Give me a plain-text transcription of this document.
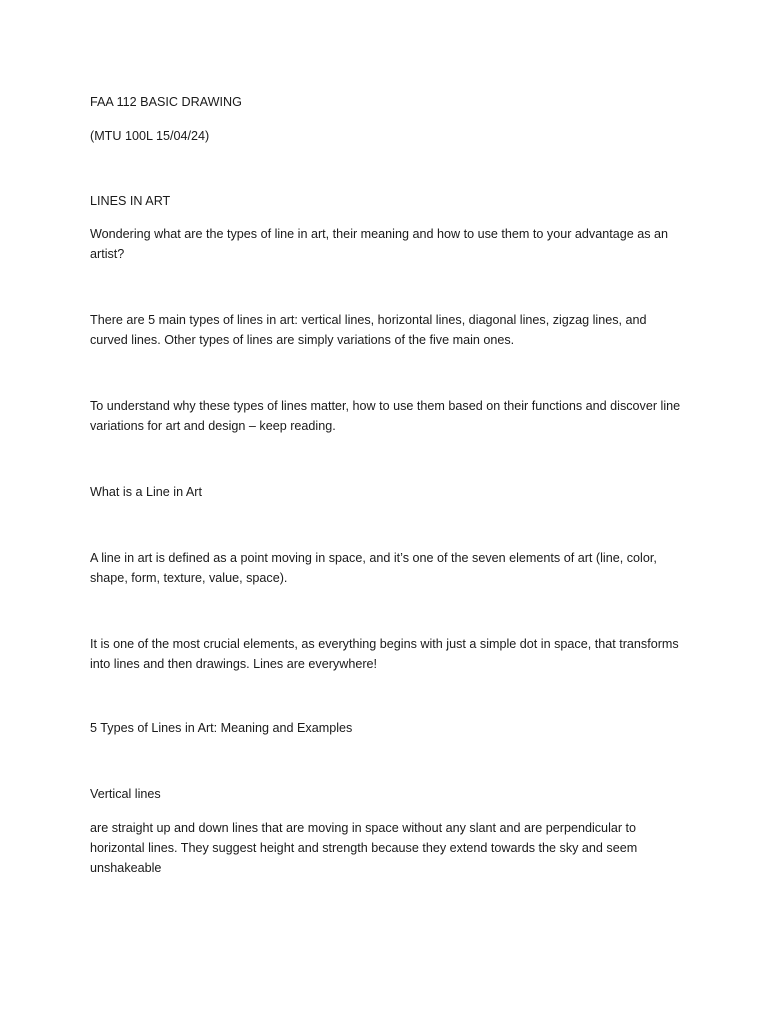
FAA 112 BASIC DRAWING

(MTU 100L 15/04/24)

LINES IN ART

Wondering what are the types of line in art, their meaning and how to use them to your advantage as an artist?

There are 5 main types of lines in art: vertical lines, horizontal lines, diagonal lines, zigzag lines, and curved lines. Other types of lines are simply variations of the five main ones.

To understand why these types of lines matter, how to use them based on their functions and discover line variations for art and design – keep reading.

What is a Line in Art

A line in art is defined as a point moving in space, and it’s one of the seven elements of art (line, color, shape, form, texture, value, space).

It is one of the most crucial elements, as everything begins with just a simple dot in space, that transforms into lines and then drawings. Lines are everywhere!

5 Types of Lines in Art: Meaning and Examples

Vertical lines

are straight up and down lines that are moving in space without any slant and are perpendicular to horizontal lines. They suggest height and strength because they extend towards the sky and seem unshakeable
